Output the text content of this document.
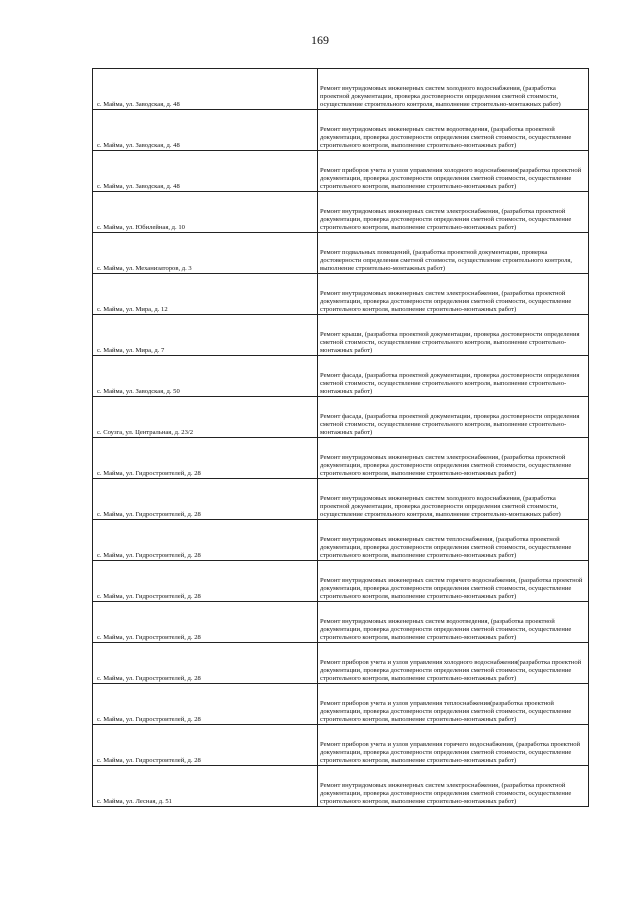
169
с. Майма, ул. Заводская, д. 48	Ремонт внутридомовых инженерных систем холодного водоснабжения, (разработка проектной документации, проверка достоверности определения сметной стоимости, осуществление строительного контроля, выполнение строительно-монтажных работ)
с. Майма, ул. Заводская, д. 48	Ремонт внутридомовых инженерных систем водоотведения, (разработка проектной документации, проверка достоверности определения сметной стоимости, осуществление строительного контроля, выполнение строительно-монтажных работ)
с. Майма, ул. Заводская, д. 48	Ремонт приборов учета и узлов управления холодного водоснабжения(разработка проектной документации, проверка достоверности определения сметной стоимости, осуществление строительного контроля, выполнение строительно-монтажных работ)
с. Майма, ул. Юбилейная, д. 10	Ремонт внутридомовых инженерных систем электроснабжения, (разработка проектной документации, проверка достоверности определения сметной стоимости, осуществление строительного контроля, выполнение строительно-монтажных работ)
с. Майма, ул. Механизаторов, д. 3	Ремонт подвальных помещений, (разработка проектной документации, проверка достоверности определения сметной стоимости, осуществление строительного контроля, выполнение строительно-монтажных работ)
с. Майма, ул. Мира, д. 12	Ремонт внутридомовых инженерных систем электроснабжения, (разработка проектной документации, проверка достоверности определения сметной стоимости, осуществление строительного контроля, выполнение строительно-монтажных работ)
с. Майма, ул. Мира, д. 7	Ремонт крыши, (разработка проектной документации, проверка достоверности определения сметной стоимости, осуществление строительного контроля, выполнение строительно-монтажных работ)
с. Майма, ул. Заводская, д. 50	Ремонт фасада, (разработка проектной документации, проверка достоверности определения сметной стоимости, осуществление строительного контроля, выполнение строительно-монтажных работ)
с. Соузга, ул. Центральная, д. 23/2	Ремонт фасада, (разработка проектной документации, проверка достоверности определения сметной стоимости, осуществление строительного контроля, выполнение строительно-монтажных работ)
с. Майма, ул. Гидростроителей, д. 28	Ремонт внутридомовых инженерных систем электроснабжения, (разработка проектной документации, проверка достоверности определения сметной стоимости, осуществление строительного контроля, выполнение строительно-монтажных работ)
с. Майма, ул. Гидростроителей, д. 28	Ремонт внутридомовых инженерных систем холодного водоснабжения, (разработка проектной документации, проверка достоверности определения сметной стоимости, осуществление строительного контроля, выполнение строительно-монтажных работ)
с. Майма, ул. Гидростроителей, д. 28	Ремонт внутридомовых инженерных систем теплоснабжения, (разработка проектной документации, проверка достоверности определения сметной стоимости, осуществление строительного контроля, выполнение строительно-монтажных работ)
с. Майма, ул. Гидростроителей, д. 28	Ремонт внутридомовых инженерных систем горячего водоснабжения, (разработка проектной документации, проверка достоверности определения сметной стоимости, осуществление строительного контроля, выполнение строительно-монтажных работ)
с. Майма, ул. Гидростроителей, д. 28	Ремонт внутридомовых инженерных систем водоотведения, (разработка проектной документации, проверка достоверности определения сметной стоимости, осуществление строительного контроля, выполнение строительно-монтажных работ)
с. Майма, ул. Гидростроителей, д. 28	Ремонт приборов учета и узлов управления холодного водоснабжения(разработка проектной документации, проверка достоверности определения сметной стоимости, осуществление строительного контроля, выполнение строительно-монтажных работ)
с. Майма, ул. Гидростроителей, д. 28	Ремонт приборов учета и узлов управления теплоснабжения(разработка проектной документации, проверка достоверности определения сметной стоимости, осуществление строительного контроля, выполнение строительно-монтажных работ)
с. Майма, ул. Гидростроителей, д. 28	Ремонт приборов учета и узлов управления горячего водоснабжения, (разработка проектной документации, проверка достоверности определения сметной стоимости, осуществление строительного контроля, выполнение строительно-монтажных работ)
с. Майма, ул. Лесная, д. 51	Ремонт внутридомовых инженерных систем электроснабжения, (разработка проектной документации, проверка достоверности определения сметной стоимости, осуществление строительного контроля, выполнение строительно-монтажных работ)
